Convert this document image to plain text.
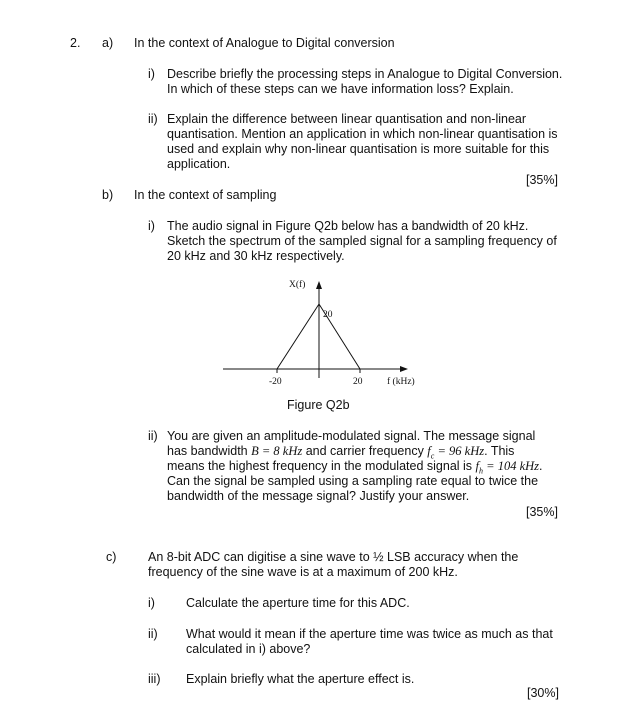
2. a) In the context of Analogue to Digital conversion
i) Describe briefly the processing steps in Analogue to Digital Conversion.
In which of these steps can we have information loss? Explain.
ii) Explain the difference between linear quantisation and non-linear
quantisation. Mention an application in which non-linear quantisation is
used and explain why non-linear quantisation is more suitable for this
application.
[35%]
b) In the context of sampling
i) The audio signal in Figure Q2b below has a bandwidth of 20 kHz.
Sketch the spectrum of the sampled signal for a sampling frequency of
20 kHz and 30 kHz respectively.
X(f)
20
-20	20	f (kHz)
Figure Q2b
ii) You are given an amplitude-modulated signal. The message signal
has bandwidth B = 8 kHz and carrier frequency $f_c = 96$ kHz. This
means the highest frequency in the modulated signal is $f_h = 104$ kHz.
Can the signal be sampled using a sampling rate equal to twice the
bandwidth of the message signal? Justify your answer.
[35%]
c)	An 8-bit ADC can digitise a sine wave to ½ LSB accuracy when the
frequency of the sine wave is at a maximum of 200 kHz.
i) Calculate the aperture time for this ADC.
ii) What would it mean if the aperture time was twice as much as that
calculated in i) above?
iii) Explain briefly what the aperture effect is.
[30%]
